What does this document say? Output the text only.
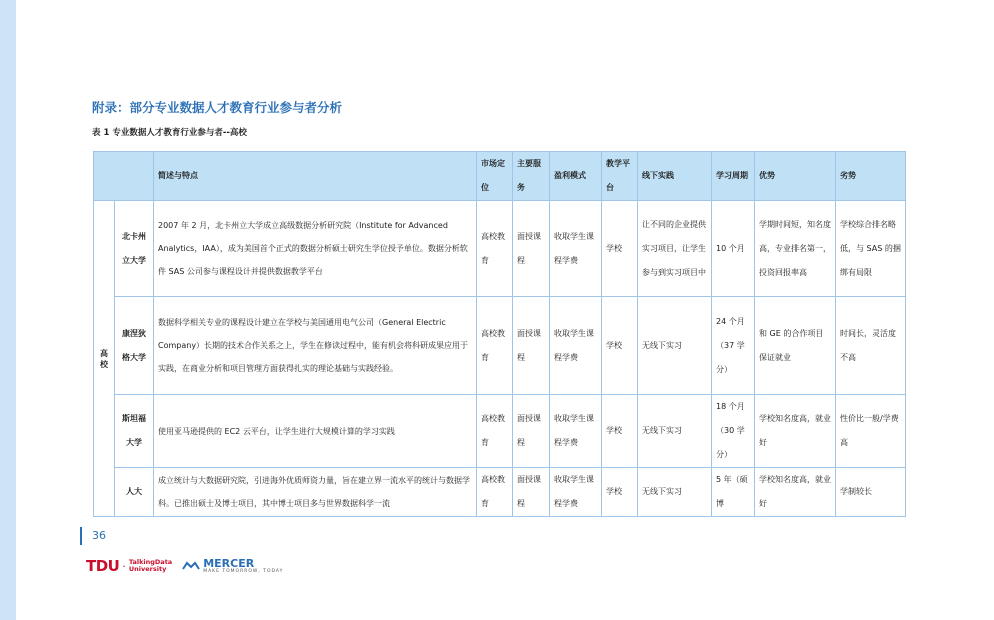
附录：部分专业数据人才教育行业参与者分析
表 1 专业数据人才教育行业参与者--高校
		简述与特点	市场定位	主要服务	盈利模式	教学平台	线下实践	学习周期	优势	劣势
高校	北卡州立大学	2007 年 2 月，北卡州立大学成立高级数据分析研究院（Institute for Advanced Analytics，IAA），成为美国首个正式的数据分析硕士研究生学位授予单位。数据分析软件 SAS 公司参与课程设计并提供数据教学平台	高校教育	面授课程	收取学生课程学费	学校	让不同的企业提供实习项目，让学生参与到实习项目中	10 个月	学期时间短，知名度高，专业排名第一，投资回报率高	学校综合排名略低，与 SAS 的捆绑有局限
	康涅狄格大学	数据科学相关专业的课程设计建立在学校与美国通用电气公司（General Electric Company）长期的技术合作关系之上，学生在修读过程中，能有机会将科研成果应用于实践，在商业分析和项目管理方面获得扎实的理论基础与实践经验。	高校教育	面授课程	收取学生课程学费	学校	无线下实习	24 个月（37 学分）	和 GE 的合作项目保证就业	时间长，灵活度不高
	斯坦福大学	使用亚马逊提供的 EC2 云平台，让学生进行大规模计算的学习实践	高校教育	面授课程	收取学生课程学费	学校	无线下实习	18 个月（30 学分）	学校知名度高，就业好	性价比一般/学费高
	人大	成立统计与大数据研究院，引进海外优质师资力量，旨在建立界一流水平的统计与数据学科。已推出硕士及博士项目，其中博士项目多与世界数据科学一流	高校教育	面授课程	收取学生课程学费	学校	无线下实习	5 年（硕博	学校知名度高，就业好	学制较长
36
TDU · TalkingData
University	MERCER
MAKE TOMORROW, TODAY
